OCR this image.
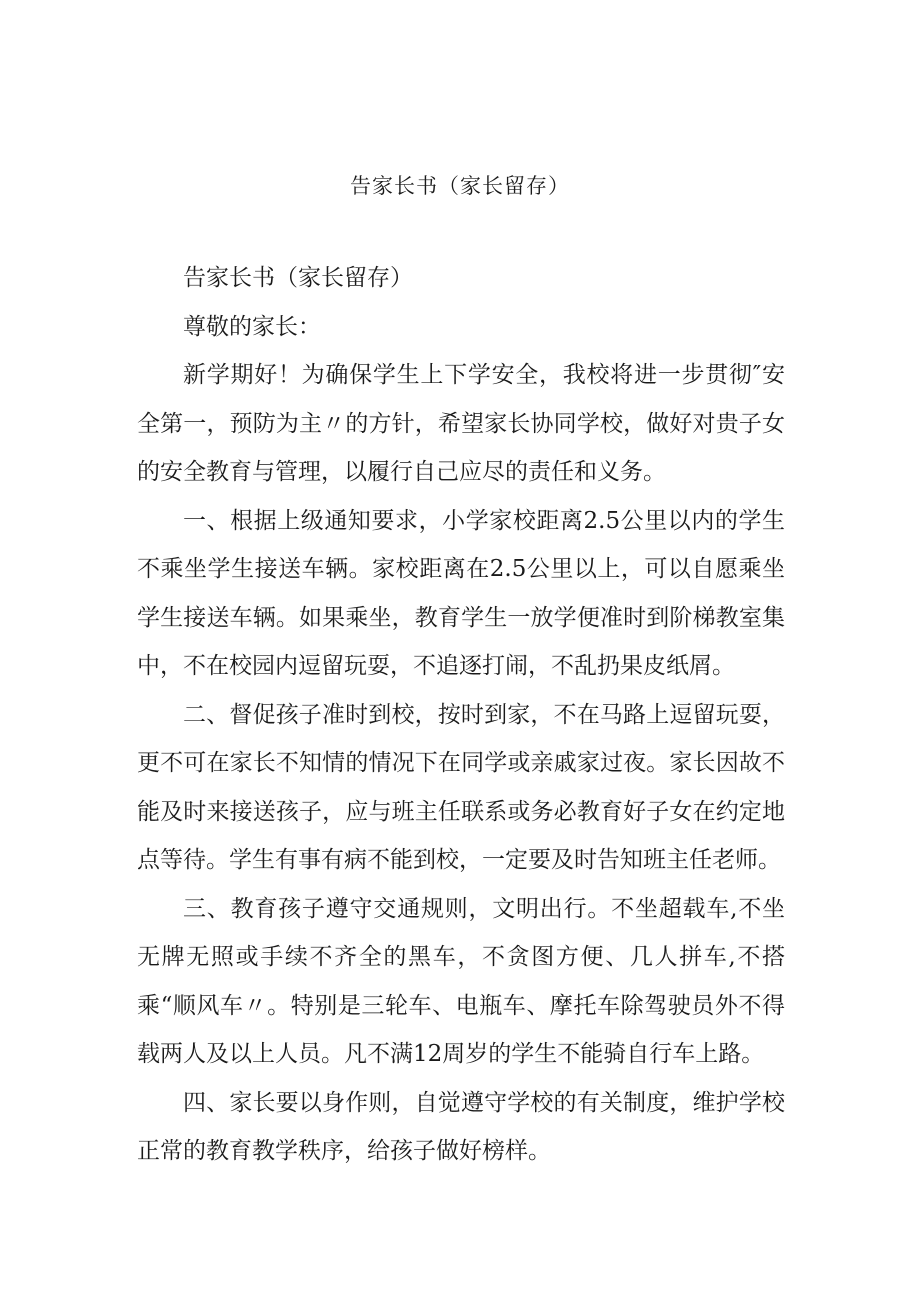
告家长书（家长留存）

告家长书（家长留存）

尊敬的家长：

新学期好！为确保学生上下学安全，我校将进一步贯彻″安全第一，预防为主〃的方针，希望家长协同学校，做好对贵子女的安全教育与管理，以履行自己应尽的责任和义务。

一、根据上级通知要求，小学家校距离2.5公里以内的学生不乘坐学生接送车辆。家校距离在2.5公里以上，可以自愿乘坐学生接送车辆。如果乘坐，教育学生一放学便准时到阶梯教室集中，不在校园内逗留玩耍，不追逐打闹，不乱扔果皮纸屑。

二、督促孩子准时到校，按时到家，不在马路上逗留玩耍，更不可在家长不知情的情况下在同学或亲戚家过夜。家长因故不能及时来接送孩子，应与班主任联系或务必教育好子女在约定地点等待。学生有事有病不能到校，一定要及时告知班主任老师。

三、教育孩子遵守交通规则，文明出行。不坐超载车,不坐无牌无照或手续不齐全的黑车，不贪图方便、几人拼车,不搭乘“顺风车〃。特别是三轮车、电瓶车、摩托车除驾驶员外不得载两人及以上人员。凡不满12周岁的学生不能骑自行车上路。

四、家长要以身作则，自觉遵守学校的有关制度，维护学校正常的教育教学秩序，给孩子做好榜样。
